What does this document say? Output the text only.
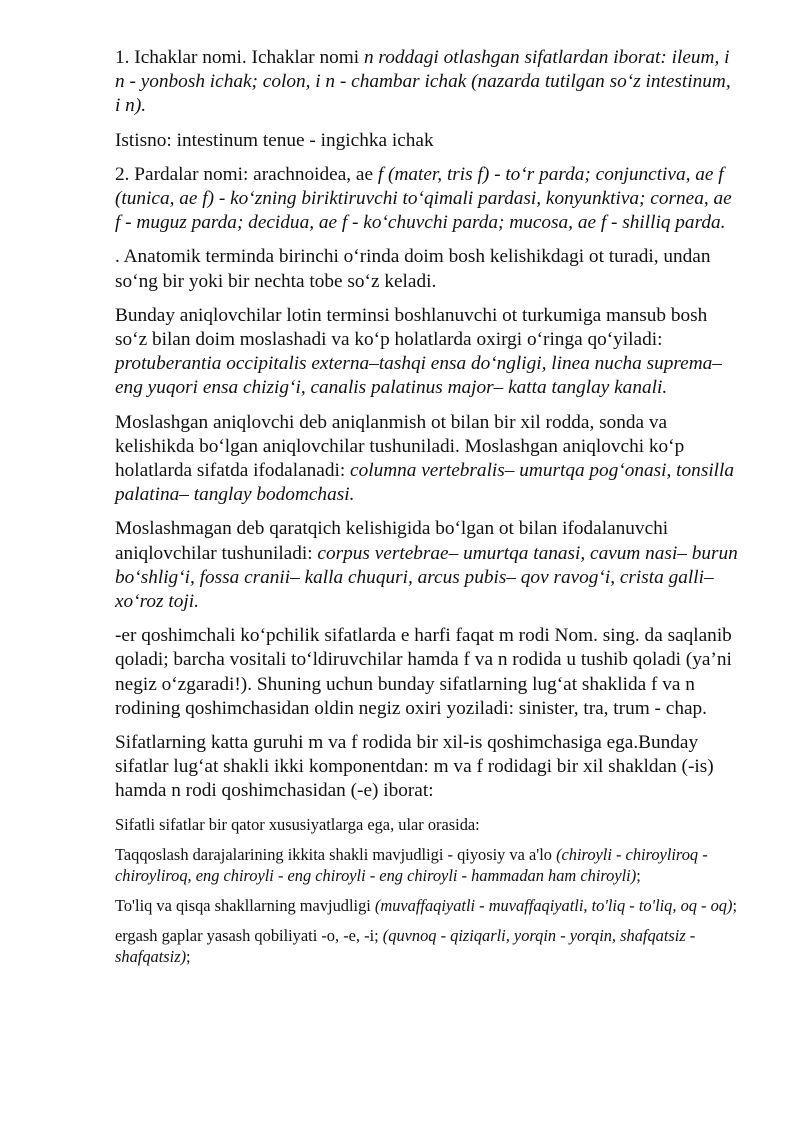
1. Ichaklar nomi. Ichaklar nomi n roddagi otlashgan sifatlardan iborat: ileum, i n - yonbosh ichak; colon, i n - chambar ichak (nazarda tutilgan so‘z intestinum, i n).

Istisno: intestinum tenue - ingichka ichak

2. Pardalar nomi: arachnoidea, ae f (mater, tris f) - to‘r parda; conjunctiva, ae f (tunica, ae f) - ko‘zning biriktiruvchi to‘qimali pardasi, konyunktiva; cornea, ae f - muguz parda; decidua, ae f - ko‘chuvchi parda; mucosa, ae f - shilliq parda.

. Anatomik terminda birinchi o‘rinda doim bosh kelishikdagi ot turadi, undan so‘ng bir yoki bir nechta tobe so‘z keladi.

Bunday aniqlovchilar lotin terminsi boshlanuvchi ot turkumiga mansub bosh so‘z bilan doim moslashadi va ko‘p holatlarda oxirgi o‘ringa qo‘yiladi: protuberantia occipitalis externa–tashqi ensa do‘ngligi, linea nucha suprema– eng yuqori ensa chizig‘i, canalis palatinus major– katta tanglay kanali.

Moslashgan aniqlovchi deb aniqlanmish ot bilan bir xil rodda, sonda va kelishikda bo‘lgan aniqlovchilar tushuniladi. Moslashgan aniqlovchi ko‘p holatlarda sifatda ifodalanadi: columna vertebralis– umurtqa pog‘onasi, tonsilla palatina– tanglay bodomchasi.

Moslashmagan deb qaratqich kelishigida bo‘lgan ot bilan ifodalanuvchi aniqlovchilar tushuniladi: corpus vertebrae– umurtqa tanasi, cavum nasi– burun bo‘shlig‘i, fossa cranii– kalla chuquri, arcus pubis– qov ravog‘i, crista galli– xo‘roz toji.

-er qoshimchali ko‘pchilik sifatlarda e harfi faqat m rodi Nom. sing. da saqlanib qoladi; barcha vositali to‘ldiruvchilar hamda f va n rodida u tushib qoladi (ya’ni negiz o‘zgaradi!). Shuning uchun bunday sifatlarning lug‘at shaklida f va n rodining qoshimchasidan oldin negiz oxiri yoziladi: sinister, tra, trum - chap.

Sifatlarning katta guruhi m va f rodida bir xil-is qoshimchasiga ega.Bunday sifatlar lug‘at shakli ikki komponentdan: m va f rodidagi bir xil shakldan (-is) hamda n rodi qoshimchasidan (-e) iborat:

Sifatli sifatlar bir qator xususiyatlarga ega, ular orasida:

Taqqoslash darajalarining ikkita shakli mavjudligi - qiyosiy va a'lo (chiroyli - chiroyliroq - chiroyliroq, eng chiroyli - eng chiroyli - eng chiroyli - hammadan ham chiroyli);

To'liq va qisqa shakllarning mavjudligi (muvaffaqiyatli - muvaffaqiyatli, to'liq - to'liq, oq - oq);

ergash gaplar yasash qobiliyati -o, -e, -i; (quvnoq - qiziqarli, yorqin - yorqin, shafqatsiz - shafqatsiz);
